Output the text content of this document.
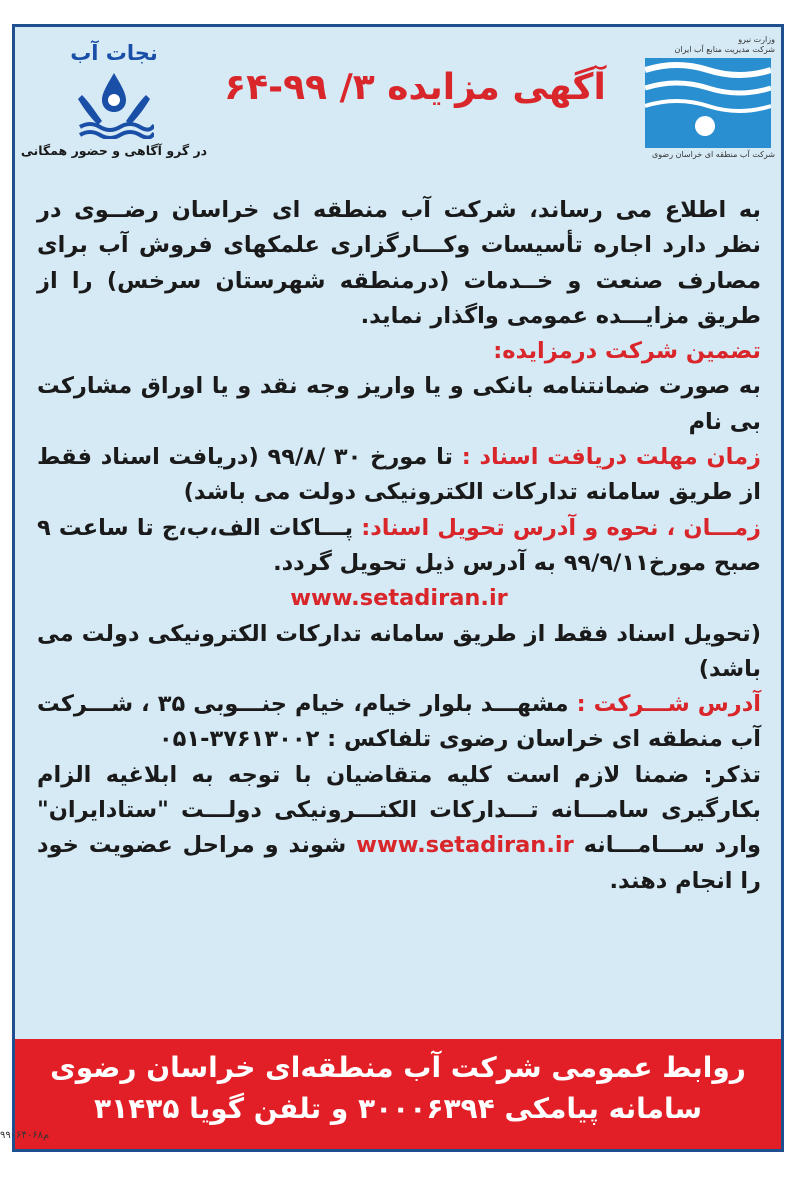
نجات آب
در گرو آگاهی و حضور همگانی
آگهی مزایده ۳/ ۹۹-۶۴
وزارت نیرو
شرکت مدیریت منابع آب ایران
شرکت آب منطقه ای خراسان رضوی

به اطلاع می رساند، شرکت آب منطقه ای خراسان رضــوی در نظر دارد اجاره تأسیسات وکـــارگزاری علمکهای فروش آب برای مصارف صنعت و خــدمات (درمنطقه شهرستان سرخس) را از طریق مزایـــده عمومی واگذار نماید.

تضمین شرکت درمزایده:

به صورت ضمانتنامه بانکی و یا واریز وجه نقد و یا اوراق مشارکت بی نام

زمان مهلت دریافت اسناد : تا مورخ ۳۰ /۹۹/۸ (دریافت اسناد فقط از طریق سامانه تدارکات الکترونیکی دولت می باشد)

زمـــان ، نحوه و آدرس تحویل اسناد: پـــاکات الف،ب،ج تا ساعت ۹ صبح مورخ۹۹/۹/۱۱ به آدرس ذیل تحویل گردد.

www.setadiran.ir

(تحویل اسناد فقط از طریق سامانه تدارکات الکترونیکی دولت می باشد)

آدرس شـــرکت : مشهـــد بلوار خیام، خیام جنـــوبی ۳۵ ، شـــرکت آب منطقه ای خراسان رضوی تلفاکس : ۳۷۶۱۳۰۰۲-۰۵۱

تذکر: ضمنا لازم است کلیه متقاضیان با توجه به ابلاغیه الزام بکارگیری سامـــانه تـــدارکات الکتـــرونیکی دولـــت "ستادایران" وارد ســـامـــانه www.setadiran.ir شوند و مراحل عضویت خود را انجام دهند.

روابط عمومی شرکت آب منطقه‌ای خراسان رضوی
سامانه پیامکی ۳۰۰۰۶۳۹۴ و تلفن گویا ۳۱۴۳۵
م۹۹۰۶۴۰۶۸
